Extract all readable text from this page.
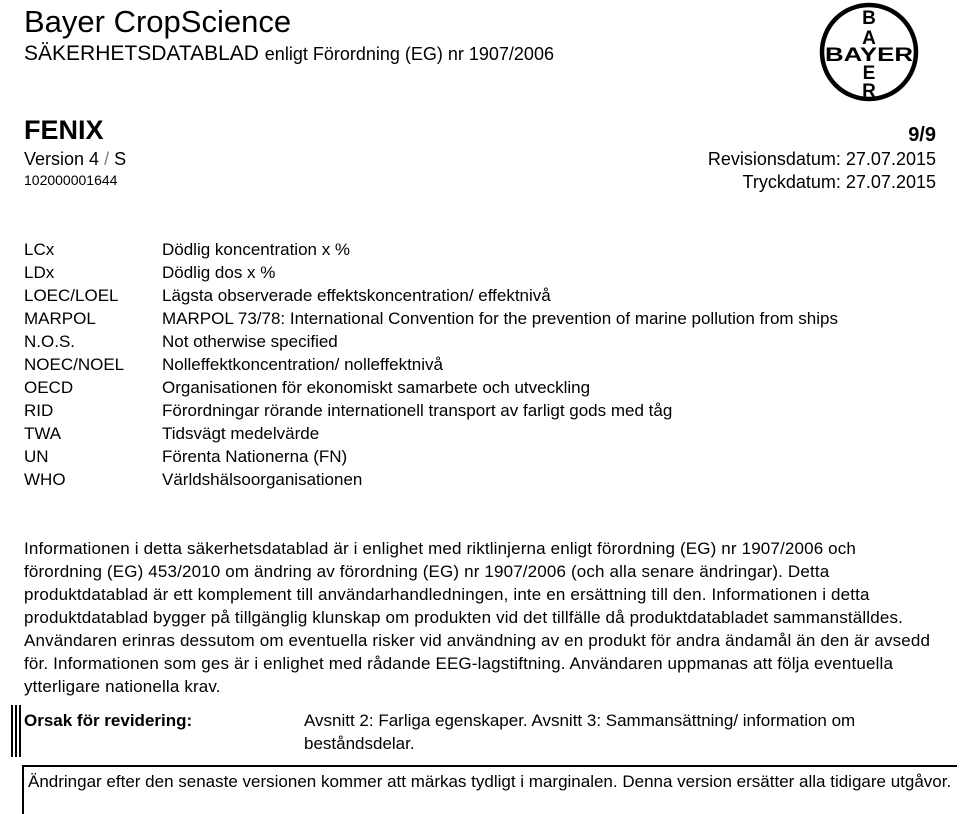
Bayer CropScience
SÄKERHETSDATABLAD enligt Förordning (EG) nr 1907/2006
B
A
BAYER
E
R
FENIX	9/9
Version 4 / S
102000001644
Revisionsdatum: 27.07.2015
Tryckdatum: 27.07.2015
LCx	Dödlig koncentration x %
LDx	Dödlig dos x %
LOEC/LOEL	Lägsta observerade effektskoncentration/ effektnivå
MARPOL	MARPOL 73/78: International Convention for the prevention of marine pollution from ships
N.O.S.	Not otherwise specified
NOEC/NOEL	Nolleffektkoncentration/ nolleffektnivå
OECD	Organisationen för ekonomiskt samarbete och utveckling
RID	Förordningar rörande internationell transport av farligt gods med tåg
TWA	Tidsvägt medelvärde
UN	Förenta Nationerna (FN)
WHO	Världshälsoorganisationen
Informationen i detta säkerhetsdatablad är i enlighet med riktlinjerna enligt förordning (EG) nr 1907/2006 och förordning (EG) 453/2010 om ändring av förordning (EG) nr 1907/2006 (och alla senare ändringar). Detta produktdatablad är ett komplement till användarhandledningen, inte en ersättning till den. Informationen i detta produktdatablad bygger på tillgänglig klunskap om produkten vid det tillfälle då produktdatabladet sammanställdes. Användaren erinras dessutom om eventuella risker vid användning av en produkt för andra ändamål än den är avsedd för. Informationen som ges är i enlighet med rådande EEG-lagstiftning. Användaren uppmanas att följa eventuella ytterligare nationella krav.
Orsak för revidering:	Avsnitt 2: Farliga egenskaper. Avsnitt 3: Sammansättning/ information om beståndsdelar.
Ändringar efter den senaste versionen kommer att märkas tydligt i marginalen. Denna version ersätter alla tidigare utgåvor.
